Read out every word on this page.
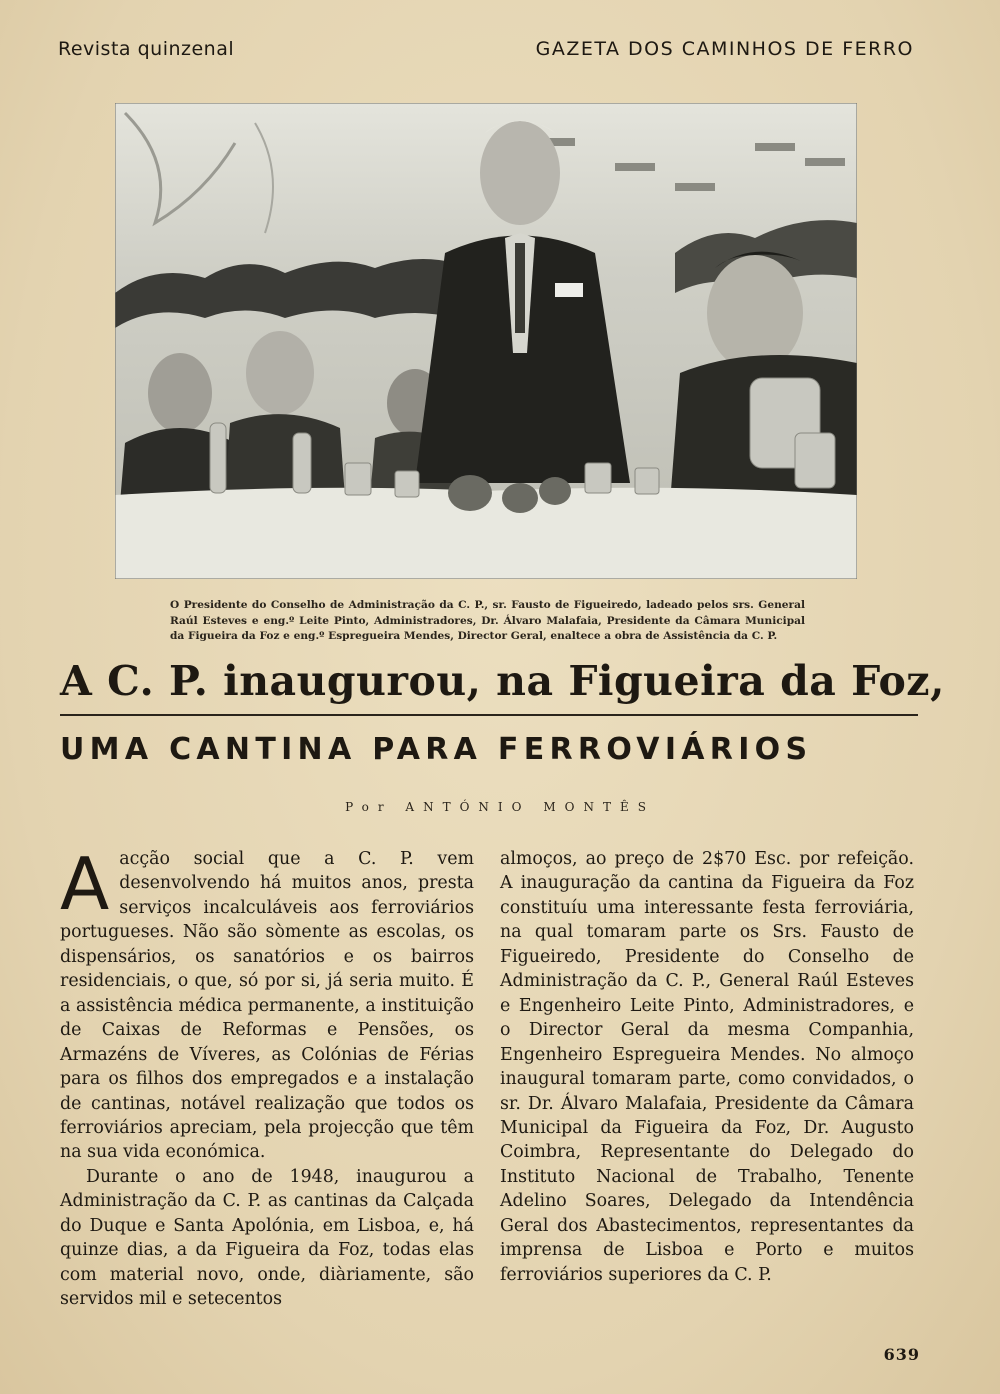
Revista quinzenal	GAZETA DOS CAMINHOS DE FERRO
O Presidente do Conselho de Administração da C. P., sr. Fausto de Figueiredo, ladeado pelos srs. General Raúl Esteves e eng.º Leite Pinto, Administradores, Dr. Álvaro Malafaia, Presidente da Câmara Municipal da Figueira da Foz e eng.º Espregueira Mendes, Director Geral, enaltece a obra de Assistência da C. P.
A C. P. inaugurou, na Figueira da Foz,
UMA CANTINA PARA FERROVIÁRIOS
Por ANTÓNIO MONTÊS

Aacção social que a C. P. vem desenvolvendo há muitos anos, presta serviços incalculáveis aos ferroviários portugueses. Não são sòmente as escolas, os dispensários, os sanatórios e os bairros residenciais, o que, só por si, já seria muito. É a assistência médica permanente, a instituição de Caixas de Reformas e Pensões, os Armazéns de Víveres, as Colónias de Férias para os filhos dos empregados e a instalação de cantinas, notável realização que todos os ferroviários apreciam, pela projecção que têm na sua vida económica.

Durante o ano de 1948, inaugurou a Administração da C. P. as cantinas da Calçada do Duque e Santa Apolónia, em Lisboa, e, há quinze dias, a da Figueira da Foz, todas elas com material novo, onde, diàriamente, são servidos mil e setecentos

almoços, ao preço de 2$70 Esc. por refeição. A inauguração da cantina da Figueira da Foz constituíu uma interessante festa ferroviária, na qual tomaram parte os Srs. Fausto de Figueiredo, Presidente do Conselho de Administração da C. P., General Raúl Esteves e Engenheiro Leite Pinto, Administradores, e o Director Geral da mesma Companhia, Engenheiro Espregueira Mendes. No almoço inaugural tomaram parte, como convidados, o sr. Dr. Álvaro Malafaia, Presidente da Câmara Municipal da Figueira da Foz, Dr. Augusto Coimbra, Representante do Delegado do Instituto Nacional de Trabalho, Tenente Adelino Soares, Delegado da Intendência Geral dos Abastecimentos, representantes da imprensa de Lisboa e Porto e muitos ferroviários superiores da C. P.

639
